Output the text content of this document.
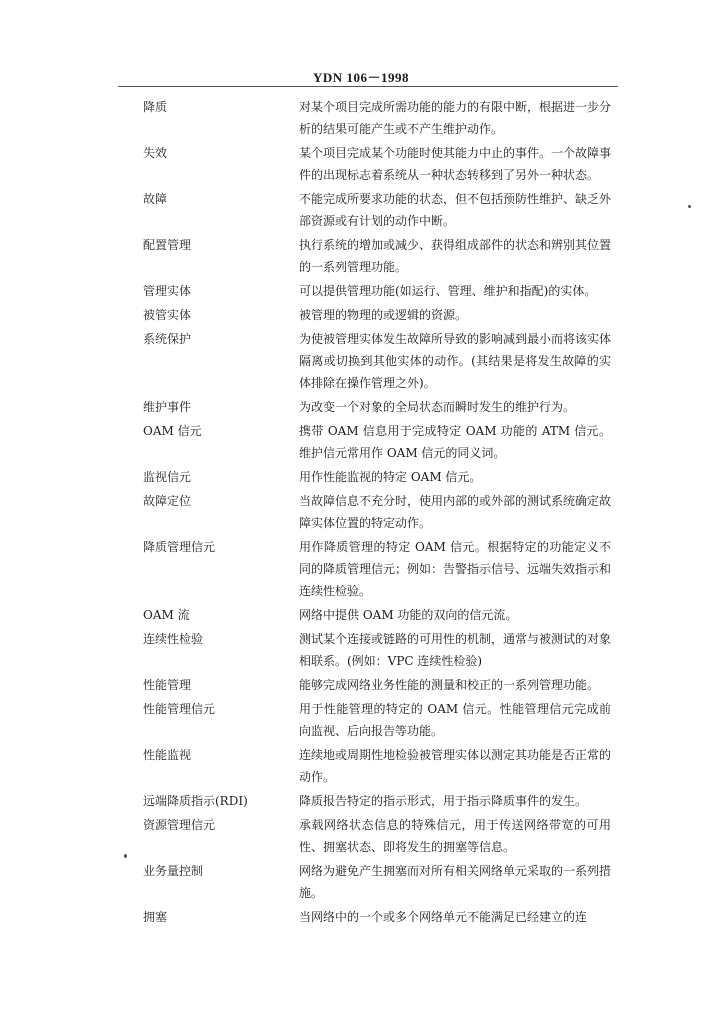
YDN 106－1998
降质	对某个项目完成所需功能的能力的有限中断，根据进一步分析的结果可能产生或不产生维护动作。
失效	某个项目完成某个功能时使其能力中止的事件。一个故障事件的出现标志着系统从一种状态转移到了另外一种状态。
故障	不能完成所要求功能的状态，但不包括预防性维护、缺乏外部资源或有计划的动作中断。
配置管理	执行系统的增加或减少、获得组成部件的状态和辨别其位置的一系列管理功能。
管理实体	可以提供管理功能(如运行、管理、维护和指配)的实体。
被管实体	被管理的物理的或逻辑的资源。
系统保护	为使被管理实体发生故障所导致的影响减到最小而将该实体隔离或切换到其他实体的动作。(其结果是将发生故障的实体排除在操作管理之外)。
维护事件	为改变一个对象的全局状态而瞬时发生的维护行为。
OAM 信元	携带 OAM 信息用于完成特定 OAM 功能的 ATM 信元。维护信元常用作 OAM 信元的同义词。
监视信元	用作性能监视的特定 OAM 信元。
故障定位	当故障信息不充分时，使用内部的或外部的测试系统确定故障实体位置的特定动作。
降质管理信元	用作降质管理的特定 OAM 信元。根据特定的功能定义不同的降质管理信元；例如：告警指示信号、远端失效指示和连续性检验。
OAM 流	网络中提供 OAM 功能的双向的信元流。
连续性检验	测试某个连接或链路的可用性的机制，通常与被测试的对象相联系。(例如：VPC 连续性检验)
性能管理	能够完成网络业务性能的测量和校正的一系列管理功能。
性能管理信元	用于性能管理的特定的 OAM 信元。性能管理信元完成前向监视、后向报告等功能。
性能监视	连续地或周期性地检验被管理实体以测定其功能是否正常的动作。
远端降质指示(RDI)	降质报告特定的指示形式，用于指示降质事件的发生。
资源管理信元	承载网络状态信息的特殊信元，用于传送网络带宽的可用性、拥塞状态、即将发生的拥塞等信息。
业务量控制	网络为避免产生拥塞而对所有相关网络单元采取的一系列措施。
拥塞	当网络中的一个或多个网络单元不能满足已经建立的连
